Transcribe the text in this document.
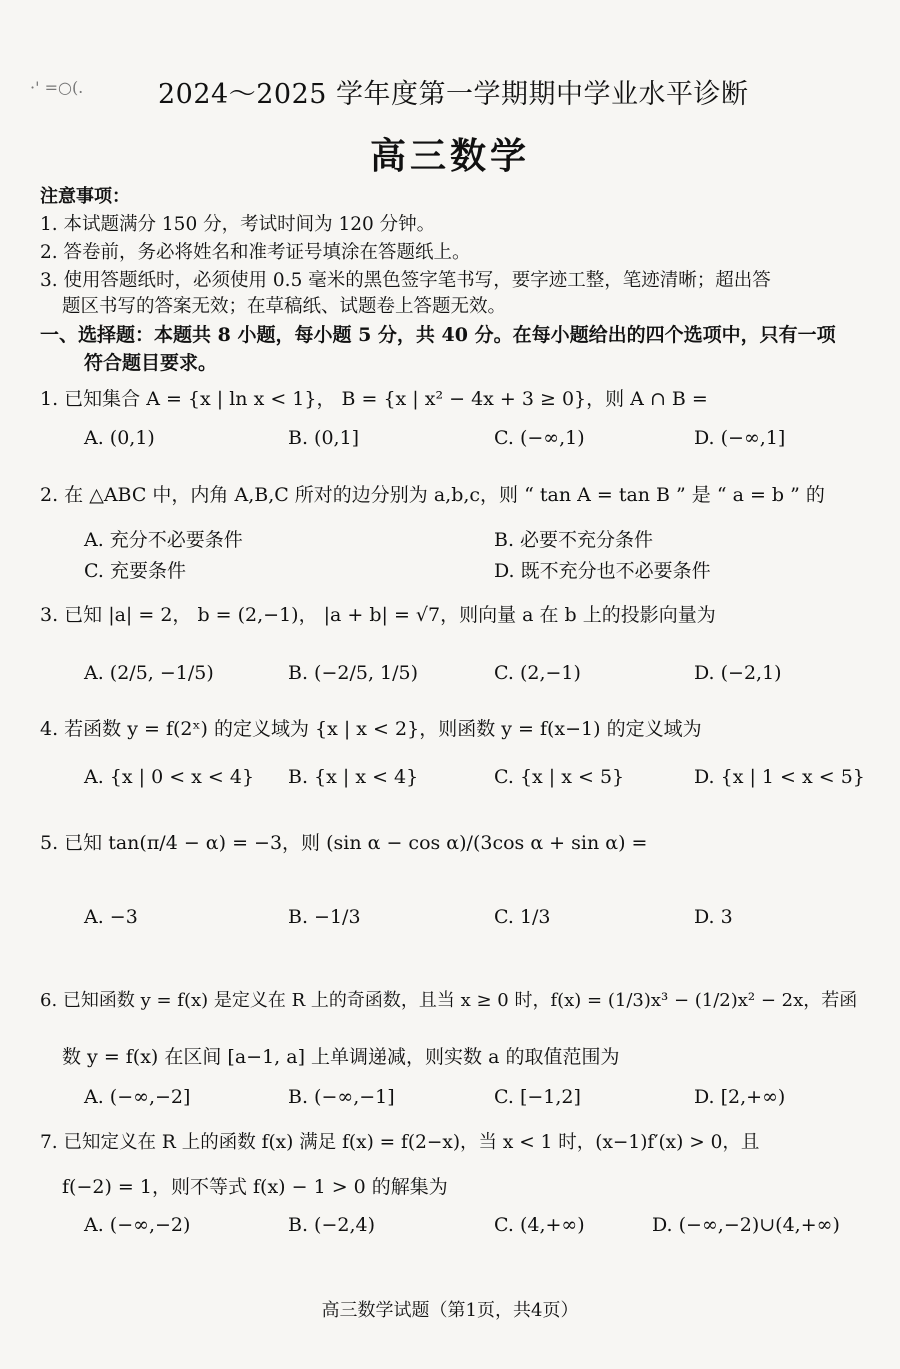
·' =○(.	2024～2025 学年度第一学期期中学业水平诊断
高三数学
注意事项：
1. 本试题满分 150 分，考试时间为 120 分钟。
2. 答卷前，务必将姓名和准考证号填涂在答题纸上。
3. 使用答题纸时，必须使用 0.5 毫米的黑色签字笔书写，要字迹工整，笔迹清晰；超出答
题区书写的答案无效；在草稿纸、试题卷上答题无效。
一、选择题：本题共 8 小题，每小题 5 分，共 40 分。在每小题给出的四个选项中，只有一项
符合题目要求。
1. 已知集合 A = {x | ln x < 1}， B = {x | x² − 4x + 3 ≥ 0}，则 A ∩ B =
A. (0,1)	B. (0,1]	C. (−∞,1)	D. (−∞,1]
2. 在 △ABC 中，内角 A,B,C 所对的边分别为 a,b,c，则 “ tan A = tan B ” 是 “ a = b ” 的
A. 充分不必要条件	B. 必要不充分条件
C. 充要条件	D. 既不充分也不必要条件
3. 已知 |a| = 2， b = (2,−1)， |a + b| = √7，则向量 a 在 b 上的投影向量为
A. (2/5, −1/5)	B. (−2/5, 1/5)	C. (2,−1)	D. (−2,1)
4. 若函数 y = f(2ˣ) 的定义域为 {x | x < 2}，则函数 y = f(x−1) 的定义域为
A. {x | 0 < x < 4} B. {x | x < 4}	C. {x | x < 5}	D. {x | 1 < x < 5}
5. 已知 tan(π/4 − α) = −3，则 (sin α − cos α)/(3cos α + sin α) =
A. −3	B. −1/3	C. 1/3	D. 3
6. 已知函数 y = f(x) 是定义在 R 上的奇函数，且当 x ≥ 0 时，f(x) = (1/3)x³ − (1/2)x² − 2x，若函
数 y = f(x) 在区间 [a−1, a] 上单调递减，则实数 a 的取值范围为
A. (−∞,−2]	B. (−∞,−1]	C. [−1,2]	D. [2,+∞)
7. 已知定义在 R 上的函数 f(x) 满足 f(x) = f(2−x)，当 x < 1 时，(x−1)f′(x) > 0，且
f(−2) = 1，则不等式 f(x) − 1 > 0 的解集为
A. (−∞,−2)	B. (−2,4)	C. (4,+∞)	D. (−∞,−2)∪(4,+∞)
高三数学试题（第1页，共4页）
